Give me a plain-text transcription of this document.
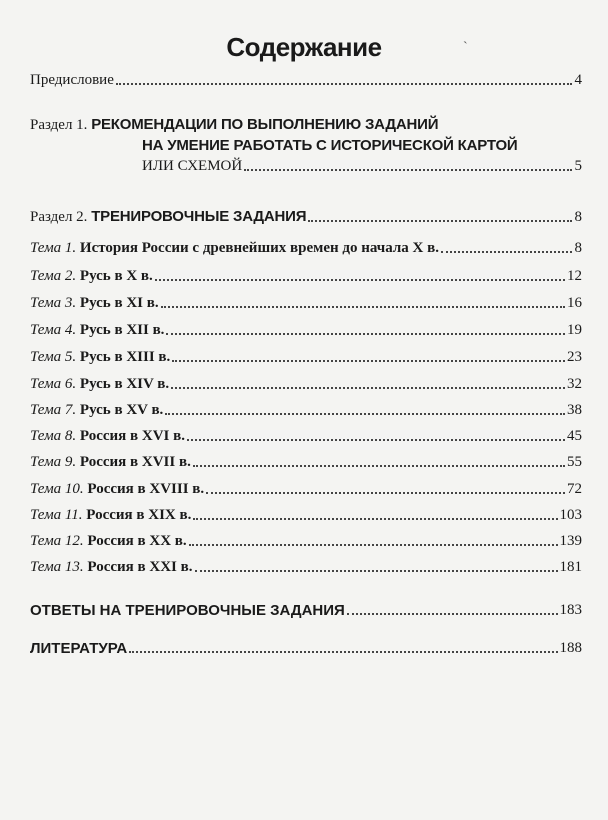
Содержание	ˋ
Предисловие	4
Раздел 1. РЕКОМЕНДАЦИИ ПО ВЫПОЛНЕНИЮ ЗАДАНИЙ
НА УМЕНИЕ РАБОТАТЬ С ИСТОРИЧЕСКОЙ КАРТОЙ
ИЛИ СХЕМОЙ	5
Раздел 2. ТРЕНИРОВОЧНЫЕ ЗАДАНИЯ	8
Тема 1. История России с древнейших времен до начала X в.	8
Тема 2. Русь в X в.	12
Тема 3. Русь в XI в.	16
Тема 4. Русь в XII в.	19
Тема 5. Русь в XIII в.	23
Тема 6. Русь в XIV в.	32
Тема 7. Русь в XV в.	38
Тема 8. Россия в XVI в.	45
Тема 9. Россия в XVII в.	55
Тема 10. Россия в XVIII в.	72
Тема 11. Россия в XIX в.	103
Тема 12. Россия в XX в.	139
Тема 13. Россия в XXI в.	181
ОТВЕТЫ НА ТРЕНИРОВОЧНЫЕ ЗАДАНИЯ	183
ЛИТЕРАТУРА	188
